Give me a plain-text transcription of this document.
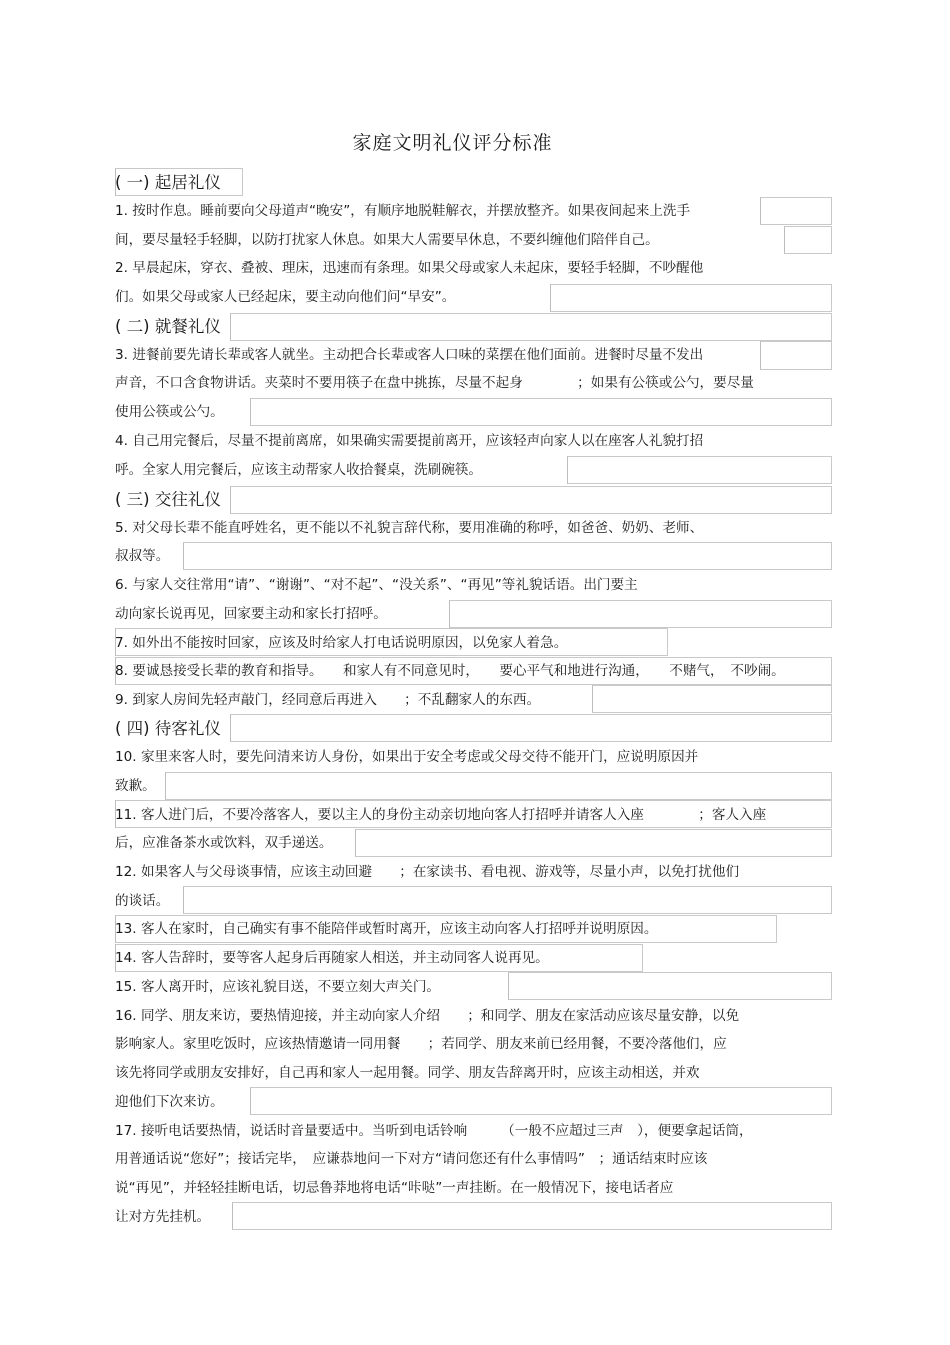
家庭文明礼仪评分标准
( 一) 起居礼仪
1. 按时作息。睡前要向父母道声“晚安”，有顺序地脱鞋解衣，并摆放整齐。如果夜间起来上洗手
间，要尽量轻手轻脚，以防打扰家人休息。如果大人需要早休息，不要纠缠他们陪伴自己。
2. 早晨起床，穿衣、叠被、理床，迅速而有条理。如果父母或家人未起床，要轻手轻脚，不吵醒他
们。如果父母或家人已经起床，要主动向他们问“早安”。
( 二) 就餐礼仪
3. 进餐前要先请长辈或客人就坐。主动把合长辈或客人口味的菜摆在他们面前。进餐时尽量不发出
声音，不口含食物讲话。夹菜时不要用筷子在盘中挑拣，尽量不起身　　　　；如果有公筷或公勺，要尽量
使用公筷或公勺。
4. 自己用完餐后，尽量不提前离席，如果确实需要提前离开，应该轻声向家人以在座客人礼貌打招
呼。全家人用完餐后，应该主动帮家人收拾餐桌，洗刷碗筷。
( 三) 交往礼仪
5. 对父母长辈不能直呼姓名，更不能以不礼貌言辞代称，要用准确的称呼，如爸爸、奶奶、老师、
叔叔等。
6. 与家人交往常用“请”、“谢谢”、“对不起”、“没关系”、“再见”等礼貌话语。出门要主
动向家长说再见，回家要主动和家长打招呼。
7. 如外出不能按时回家，应该及时给家人打电话说明原因，以免家人着急。
8. 要诚恳接受长辈的教育和指导。　　和家人有不同意见时，　　要心平气和地进行沟通，　　不赌气，　不吵闹。
9. 到家人房间先轻声敲门，经同意后再进入　　；不乱翻家人的东西。
( 四) 待客礼仪
10. 家里来客人时，要先问清来访人身份，如果出于安全考虑或父母交待不能开门，应说明原因并
致歉。
11. 客人进门后，不要冷落客人，要以主人的身份主动亲切地向客人打招呼并请客人入座　　　　；客人入座
后，应准备茶水或饮料，双手递送。
12. 如果客人与父母谈事情，应该主动回避　　；在家读书、看电视、游戏等，尽量小声，以免打扰他们
的谈话。
13. 客人在家时，自己确实有事不能陪伴或暂时离开，应该主动向客人打招呼并说明原因。
14. 客人告辞时，要等客人起身后再随家人相送，并主动同客人说再见。
15. 客人离开时，应该礼貌目送，不要立刻大声关门。
16. 同学、朋友来访，要热情迎接，并主动向家人介绍　　；和同学、朋友在家活动应该尽量安静，以免
影响家人。家里吃饭时，应该热情邀请一同用餐　　；若同学、朋友来前已经用餐，不要冷落他们，应
该先将同学或朋友安排好，自己再和家人一起用餐。同学、朋友告辞离开时，应该主动相送，并欢
迎他们下次来访。
17. 接听电话要热情，说话时音量要适中。当听到电话铃响　　　（一般不应超过三声　），便要拿起话筒，
用普通话说“您好”；接话完毕，　应谦恭地问一下对方“请问您还有什么事情吗”　；通话结束时应该
说“再见”，并轻轻挂断电话，切忌鲁莽地将电话“咔哒”一声挂断。在一般情况下，接电话者应
让对方先挂机。
